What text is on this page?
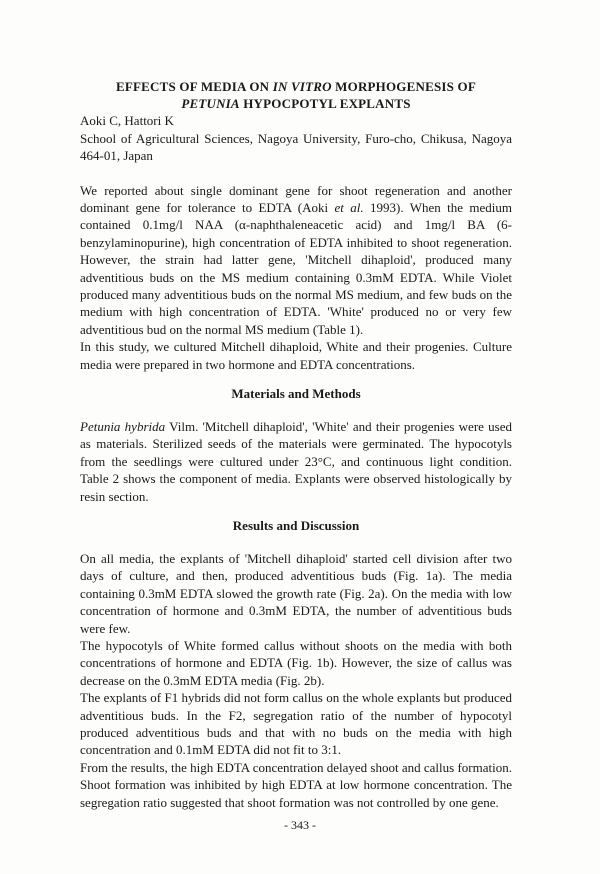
EFFECTS OF MEDIA ON IN VITRO MORPHOGENESIS OF
PETUNIA HYPOCPOTYL EXPLANTS
Aoki C, Hattori K
School of Agricultural Sciences, Nagoya University, Furo-cho, Chikusa, Nagoya 464-01, Japan

We reported about single dominant gene for shoot regeneration and another dominant gene for tolerance to EDTA (Aoki et al. 1993). When the medium contained 0.1mg/l NAA (α-naphthaleneacetic acid) and 1mg/l BA (6-benzylaminopurine), high concentration of EDTA inhibited to shoot regeneration. However, the strain had latter gene, 'Mitchell dihaploid', produced many adventitious buds on the MS medium containing 0.3mM EDTA. While Violet produced many adventitious buds on the normal MS medium, and few buds on the medium with high concentration of EDTA. 'White' produced no or very few adventitious bud on the normal MS medium (Table 1).

In this study, we cultured Mitchell dihaploid, White and their progenies. Culture media were prepared in two hormone and EDTA concentrations.

Materials and Methods

Petunia hybrida Vilm. 'Mitchell dihaploid', 'White' and their progenies were used as materials. Sterilized seeds of the materials were germinated. The hypocotyls from the seedlings were cultured under 23°C, and continuous light condition. Table 2 shows the component of media. Explants were observed histologically by resin section.

Results and Discussion

On all media, the explants of 'Mitchell dihaploid' started cell division after two days of culture, and then, produced adventitious buds (Fig. 1a). The media containing 0.3mM EDTA slowed the growth rate (Fig. 2a). On the media with low concentration of hormone and 0.3mM EDTA, the number of adventitious buds were few.

The hypocotyls of White formed callus without shoots on the media with both concentrations of hormone and EDTA (Fig. 1b). However, the size of callus was decrease on the 0.3mM EDTA media (Fig. 2b).

The explants of F1 hybrids did not form callus on the whole explants but produced adventitious buds. In the F2, segregation ratio of the number of hypocotyl produced adventitious buds and that with no buds on the media with high concentration and 0.1mM EDTA did not fit to 3:1.

From the results, the high EDTA concentration delayed shoot and callus formation. Shoot formation was inhibited by high EDTA at low hormone concentration. The segregation ratio suggested that shoot formation was not controlled by one gene.

- 343 -
